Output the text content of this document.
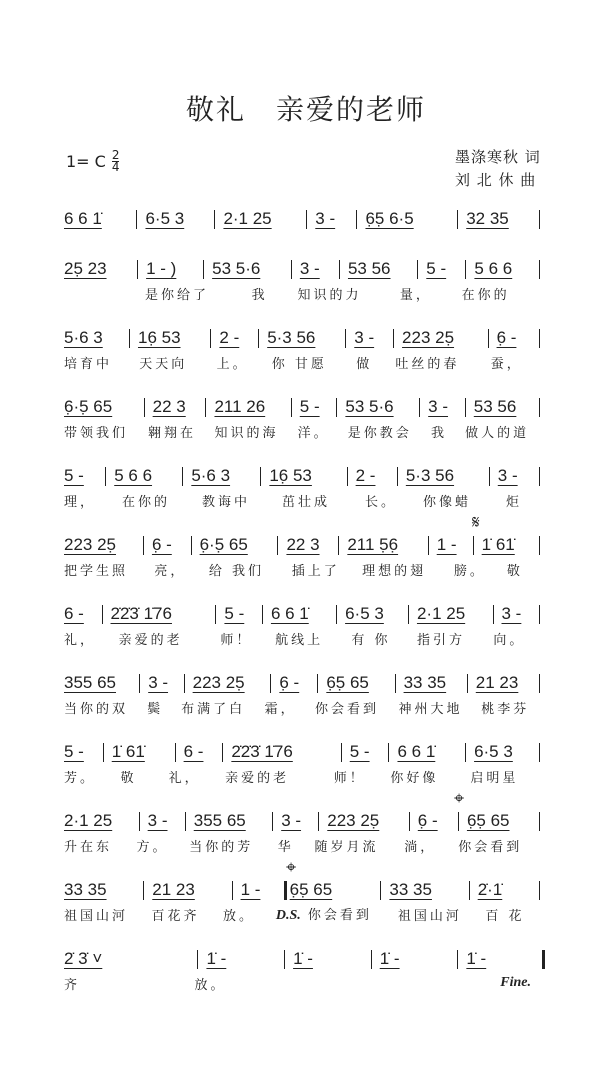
敬礼　亲爱的老师
1= C $\frac{2}{4}$	墨涤寒秋 词
刘 北 休 曲
6 6 1̇	6·5 3 2·1 25	3 - 6̣5̣ 6·5	32 35
25̣ 23 1 - ) 53 5·6 3 - 53 56 5 - 5 6 6
是你给了	我	知识的力	量，	在你的
5·6 3 16̣ 53 2 - 5·3 56 3 - 223 25̣	6̣ -
培育中	天天向	上。	你 甘愿	做	吐丝的春	蚕，
6̣·5̣ 65 22 3 211 26 5 - 53 5·6 3 - 53 56
带领我们 翱翔在 知识的海 洋。 是你教会 我 做人的道
5 - 5 6 6 5·6 3 16̣ 53	2 - 5·3 56	3 -
理，	在你的	教诲中	茁壮成	长。	你像蜡	炬
223 25̣ 6̣ - 6̣·5̣ 65 22 3 211 5̣6̣ 1 - 1̇ 61̇
把学生照	亮，	给 我们	插上了	理想的翅	膀。	敬
𝄋
6 - 2̇2̇3̇ 1̇76	5 - 6 6 1̇ 6·5 3 2·1 25 3 -
礼，	亲爱的老	师！	航线上	有 你	指引方	向。
355 65 3 - 223 25̣ 6̣ - 6̣5̣ 65 33 35 21 23
当你的双 鬓 布满了白 霜， 你会看到 神州大地 桃李芬
5 - 1̇ 61̇ 6 - 2̇2̇3̇ 1̇76	5 - 6 6 1̇ 6·5 3
芳。	敬	礼，	亲爱的老	师！	你好像	启明星
2·1 25 3 - 355 65 3 - 223 25̣ 6̣ - 6̣5̣ 65
升在东	方。 当你的芳	华 随岁月流	淌，	你会看到
⌖
33 35	21 23	1 - 6̣5̣ 65	33 35	2̇·1̇
祖国山河	百花齐	放。 D.S. 你会看到	祖国山河	百 花
⌖
2̇ 3̇ ˅	1̇ -	1̇ -	1̇ -	1̇ -
齐	放。	Fine.
